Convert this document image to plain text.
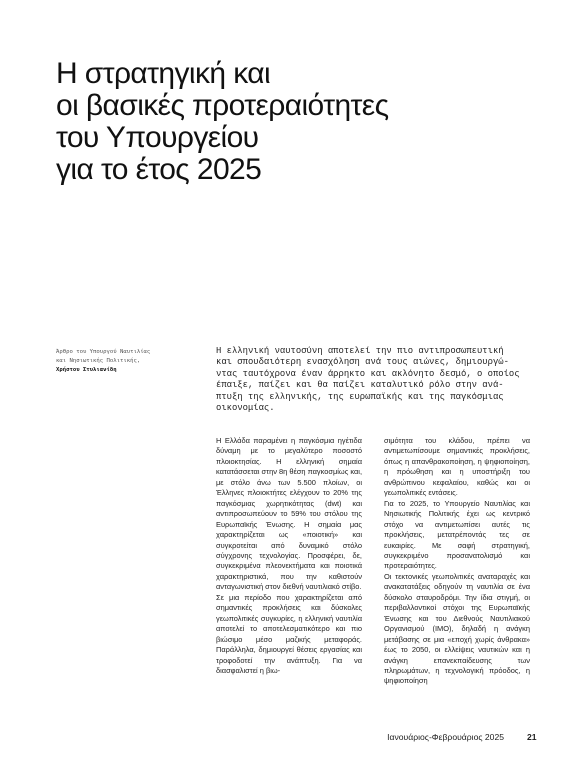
Η στρατηγική και
οι βασικές προτεραιότητες
του Υπουργείου
για το έτος 2025
Άρθρο του Υπουργού Ναυτιλίας
και Νησιωτικής Πολιτικής,
Χρήστου Στυλιανίδη
Η ελληνική ναυτοσύνη αποτελεί την πιο αντιπροσωπευτική
και σπουδαιότερη ενασχόληση ανά τους αιώνες, δημιουργώ-
ντας ταυτόχρονα έναν άρρηκτο και ακλόνητο δεσμό, ο οποίος
έπαιξε, παίζει και θα παίζει καταλυτικό ρόλο στην ανά-
πτυξη της ελληνικής, της ευρωπαϊκής και της παγκόσμιας
οικονομίας.

Η Ελλάδα παραμένει η παγκόσμια ηγέτιδα δύναμη με το μεγαλύτερο ποσοστό πλοιοκτησίας. Η ελληνική σημαία κατατάσσεται στην 8η θέση παγκοσμίως και, με στόλο άνω των 5.500 πλοίων, οι Έλληνες πλοιοκτήτες ελέγχουν το 20% της παγκόσμιας χωρητικότητας (dwt) και αντιπροσωπεύουν το 59% του στόλου της Ευρωπαϊκής Ένωσης. Η σημαία μας χαρακτηρίζεται ως «ποιοτική» και συγκροτείται από δυναμικό στόλο σύγχρονης τεχνολογίας. Προσφέρει, δε, συγκεκριμένα πλεονεκτήματα και ποιοτικά χαρακτηριστικά, που την καθιστούν ανταγωνιστική στον διεθνή ναυτιλιακό στίβο.

Σε μια περίοδο που χαρακτηρίζεται από σημαντικές προκλήσεις και δύσκολες γεωπολιτικές συγκυρίες, η ελληνική ναυτιλία αποτελεί το αποτελεσματικότερο και πιο βιώσιμο μέσο μαζικής μεταφοράς. Παράλληλα, δημιουργεί θέσεις εργασίας και τροφοδοτεί την ανάπτυξη. Για να διασφαλιστεί η βιω-

σιμότητα του κλάδου, πρέπει να αντιμετωπίσουμε σημαντικές προκλήσεις, όπως η απανθρακοποίηση, η ψηφιοποίηση, η πρόωθηση και η υποστήριξη του ανθρώπινου κεφαλαίου, καθώς και οι γεωπολιτικές εντάσεις.

Για το 2025, το Υπουργείο Ναυτιλίας και Νησιωτικής Πολιτικής έχει ως κεντρικό στόχο να αντιμετωπίσει αυτές τις προκλήσεις, μετατρέποντάς τες σε ευκαιρίες. Με σαφή στρατηγική, συγκεκριμένο προσανατολισμό και προτεραιότητες.

Οι τεκτονικές γεωπολιτικές αναταραχές και ανακατατάξεις οδηγούν τη ναυτιλία σε ένα δύσκολο σταυροδρόμι. Την ίδια στιγμή, οι περιβαλλοντικοί στόχοι της Ευρωπαϊκής Ένωσης και του Διεθνούς Ναυτιλιακού Οργανισμού (IMO), δηλαδή η ανάγκη μετάβασης σε μια «εποχή χωρίς άνθρακα» έως το 2050, οι ελλείψεις ναυτικών και η ανάγκη επανεκπαίδευσης των πληρωμάτων, η τεχνολογική πρόοδος, η ψηφιοποίηση

Ιανουάριος-Φεβρουάριος 2025	21
